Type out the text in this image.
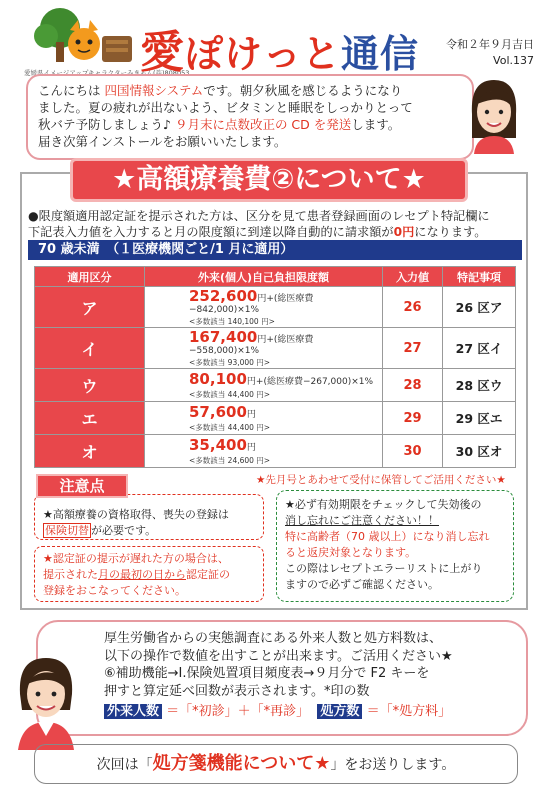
愛媛県イメージアップキャラクターみきゃん(許)808053
愛ぽけっと通信 令和２年９月吉日
Vol.137
こんにちは 四国情報システムです。朝夕秋風を感じるようになり
ました。夏の疲れが出ないよう、ビタミンと睡眠をしっかりとって
秋バテ予防しましょう♪ ９月末に点数改正の CD を発送します。
届き次第インストールをお願いいたします。
★高額療養費②について★
●限度額適用認定証を提示された方は、区分を見て患者登録画面のレセプト特記欄に
下記表入力値を入力すると月の限度額に到達以降自動的に請求額が0円になります。
70 歳未満　（１医療機関ごと/1 月に適用）
適用区分	外来(個人)自己負担限度額	入力値	特記事項
ア	252,600円+(総医療費−842,000)×1%
<多数該当 140,100 円>	26	26 区ア
イ	167,400円+(総医療費−558,000)×1%
<多数該当 93,000 円>	27	27 区イ
ウ	80,100円+(総医療費−267,000)×1%
<多数該当 44,400 円>	28	28 区ウ
エ	57,600円
<多数該当 44,400 円>	29	29 区エ
オ	35,400円
<多数該当 24,600 円>	30	30 区オ
★先月号とあわせて受付に保管してご活用ください★
★高額療養の資格取得、喪失の登録は
保険切替 が必要です。
注意点
★認定証の提示が遅れた方の場合は、
提示された月の最初の日から認定証の
登録をおこなってください。
★必ず有効期限をチェックして失効後の
消し忘れにご注意ください！！
特に高齢者（70 歳以上）になり消し忘れ
ると返戻対象となります。
この際はレセプトエラーリストに上がり
ますので必ずご確認ください。
厚生労働省からの実態調査にある外来人数と処方料数は、
以下の操作で数値を出すことが出来ます。ご活用ください★
⑥補助機能→Ⅰ.保険処置項目頻度表→９月分で F2 キーを
押すと算定延べ回数が表示されます。*印の数
外来人数 ＝「*初診」＋「*再診」 処方数 ＝「*処方料」
次回は「処方箋機能について★」をお送りします。
